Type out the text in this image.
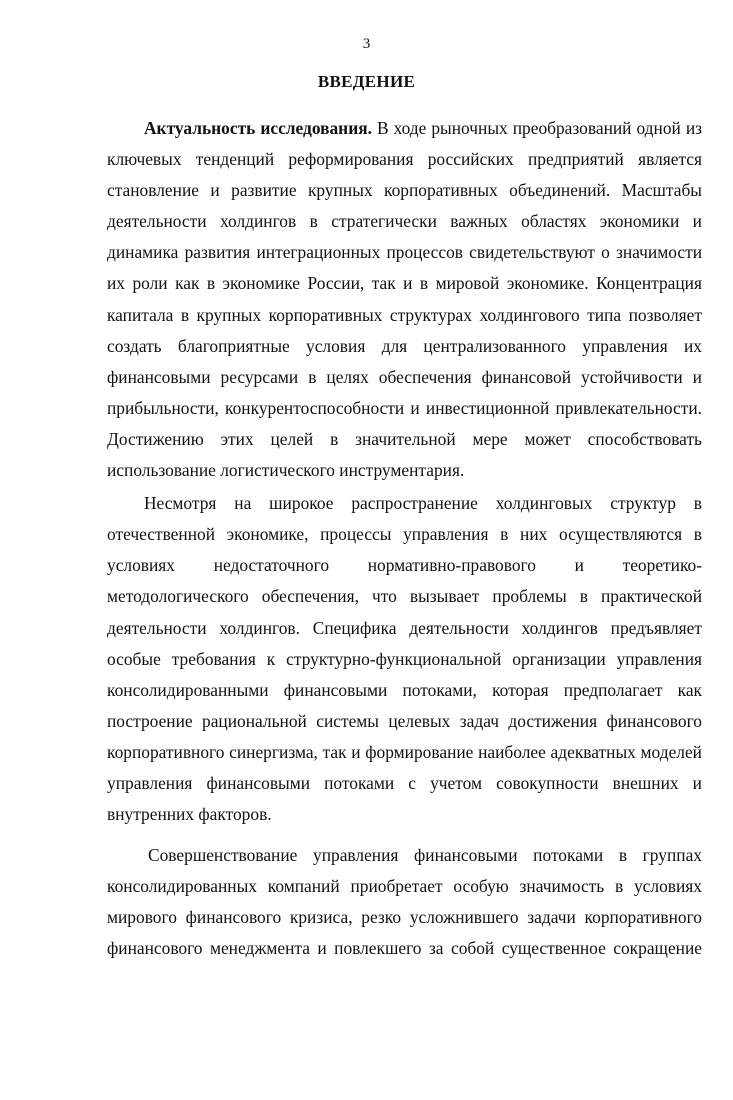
3
ВВЕДЕНИЕ
Актуальность исследования. В ходе рыночных преобразований одной из
ключевых тенденций реформирования российских предприятий является
становление и развитие крупных корпоративных объединений. Масштабы
деятельности холдингов в стратегически важных областях экономики и
динамика развития интеграционных процессов свидетельствуют о значимости
их роли как в экономике России, так и в мировой экономике. Концентрация
капитала в крупных корпоративных структурах холдингового типа позволяет
создать благоприятные условия для централизованного управления их
финансовыми ресурсами в целях обеспечения финансовой устойчивости и
прибыльности, конкурентоспособности и инвестиционной привлекательности.
Достижению этих целей в значительной мере может способствовать
использование логистического инструментария.
Несмотря на широкое распространение холдинговых структур в
отечественной экономике, процессы управления в них осуществляются в
условиях недостаточного нормативно-правового и теоретико-
методологического обеспечения, что вызывает проблемы в практической
деятельности холдингов. Специфика деятельности холдингов предъявляет
особые требования к структурно-функциональной организации управления
консолидированными финансовыми потоками, которая предполагает как
построение рациональной системы целевых задач достижения финансового
корпоративного синергизма, так и формирование наиболее адекватных моделей
управления финансовыми потоками с учетом совокупности внешних и
внутренних факторов.
Совершенствование управления финансовыми потоками в группах
консолидированных компаний приобретает особую значимость в условиях
мирового финансового кризиса, резко усложнившего задачи корпоративного
финансового менеджмента и повлекшего за собой существенное сокращение
